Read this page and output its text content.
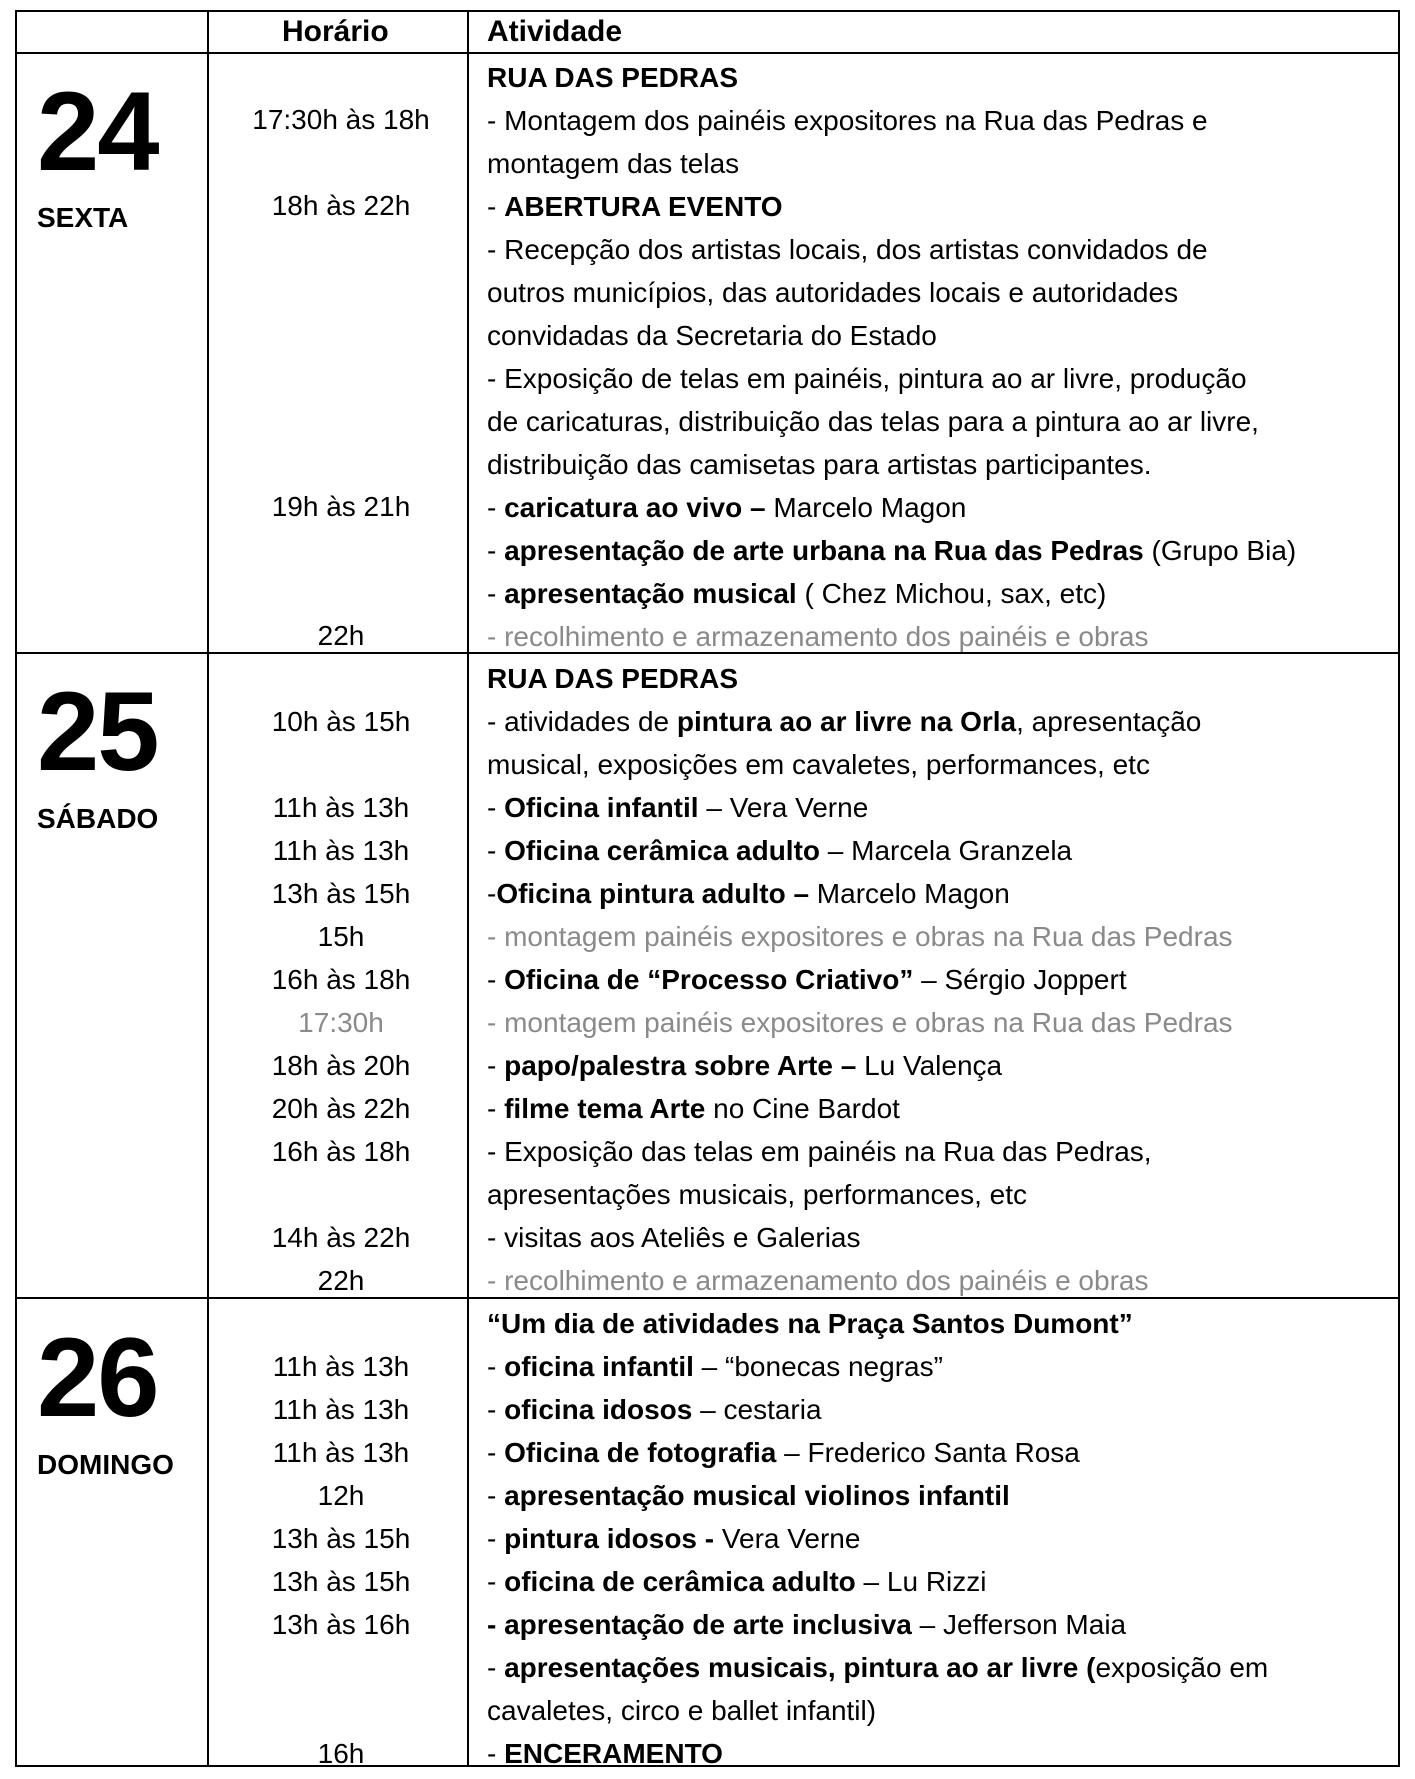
Horário	Atividade
24
SEXTA
25
SÁBADO
26
DOMINGO
17:30h às 18h
18h às 22h
19h às 21h
22h
10h às 15h
11h às 13h
11h às 13h
13h às 15h
15h
16h às 18h
17:30h
18h às 20h
20h às 22h
16h às 18h
14h às 22h
22h
11h às 13h
11h às 13h
11h às 13h
12h
13h às 15h
13h às 15h
13h às 16h
16h
RUA DAS PEDRAS
- Montagem dos painéis expositores na Rua das Pedras e
montagem das telas
- ABERTURA EVENTO
- Recepção dos artistas locais, dos artistas convidados de
outros municípios, das autoridades locais e autoridades
convidadas da Secretaria do Estado
- Exposição de telas em painéis, pintura ao ar livre, produção
de caricaturas, distribuição das telas para a pintura ao ar livre,
distribuição das camisetas para artistas participantes.
- caricatura ao vivo – Marcelo Magon
- apresentação de arte urbana na Rua das Pedras (Grupo Bia)
- apresentação musical ( Chez Michou, sax, etc)
- recolhimento e armazenamento dos painéis e obras
RUA DAS PEDRAS
- atividades de pintura ao ar livre na Orla, apresentação
musical, exposições em cavaletes, performances, etc
- Oficina infantil – Vera Verne
- Oficina cerâmica adulto – Marcela Granzela
-Oficina pintura adulto – Marcelo Magon
- montagem painéis expositores e obras na Rua das Pedras
- Oficina de “Processo Criativo” – Sérgio Joppert
- montagem painéis expositores e obras na Rua das Pedras
- papo/palestra sobre Arte – Lu Valença
- filme tema Arte no Cine Bardot
- Exposição das telas em painéis na Rua das Pedras,
apresentações musicais, performances, etc
- visitas aos Ateliês e Galerias
- recolhimento e armazenamento dos painéis e obras
“Um dia de atividades na Praça Santos Dumont”
- oficina infantil – “bonecas negras”
- oficina idosos – cestaria
- Oficina de fotografia – Frederico Santa Rosa
- apresentação musical violinos infantil
- pintura idosos - Vera Verne
- oficina de cerâmica adulto – Lu Rizzi
- apresentação de arte inclusiva – Jefferson Maia
- apresentações musicais, pintura ao ar livre (exposição em
cavaletes, circo e ballet infantil)
- ENCERAMENTO
